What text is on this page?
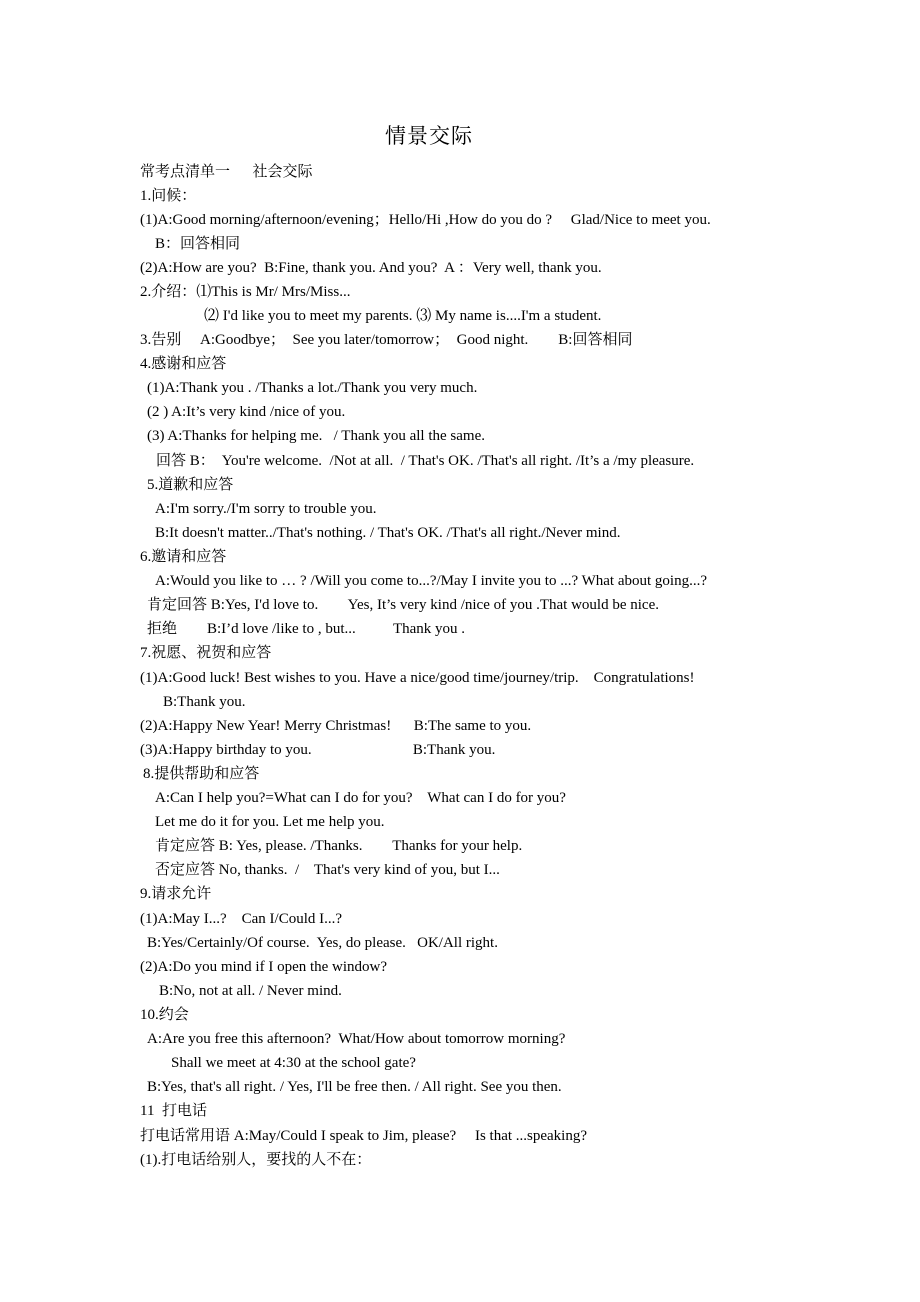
情景交际
常考点清单一      社会交际
1.问候：
(1)A:Good morning/afternoon/evening；Hello/Hi ,How do you do ?     Glad/Nice to meet you.
B：回答相同
(2)A:How are you?  B:Fine, thank you. And you?  A ：Very well, thank you.
2.介绍：⑴This is Mr/ Mrs/Miss...
⑵ I'd like you to meet my parents. ⑶ My name is....I'm a student.
3.告别     A:Goodbye；  See you later/tomorrow；  Good night.        B:回答相同
4.感谢和应答
(1)A:Thank you . /Thanks a lot./Thank you very much.
(2 ) A:It’s very kind /nice of you.
(3) A:Thanks for helping me.   / Thank you all the same.
回答 B：  You're welcome.  /Not at all.  / That's OK. /That's all right. /It’s a /my pleasure.
5.道歉和应答
A:I'm sorry./I'm sorry to trouble you.
B:It doesn't matter../That's nothing. / That's OK. /That's all right./Never mind.
6.邀请和应答
A:Would you like to … ? /Will you come to...?/May I invite you to ...? What about going...?
肯定回答 B:Yes, I'd love to.        Yes, It’s very kind /nice of you .That would be nice.
拒绝        B:I’d love /like to , but...          Thank you .
7.祝愿、祝贺和应答
(1)A:Good luck! Best wishes to you. Have a nice/good time/journey/trip.    Congratulations!
B:Thank you.
(2)A:Happy New Year! Merry Christmas!      B:The same to you.
(3)A:Happy birthday to you.                           B:Thank you.
8.提供帮助和应答
A:Can I help you?=What can I do for you?    What can I do for you?
Let me do it for you. Let me help you.
肯定应答 B: Yes, please. /Thanks.        Thanks for your help.
否定应答 No, thanks.  /    That's very kind of you, but I...
9.请求允许
(1)A:May I...?    Can I/Could I...?
B:Yes/Certainly/Of course.  Yes, do please.   OK/All right.
(2)A:Do you mind if I open the window?
B:No, not at all. / Never mind.
10.约会
A:Are you free this afternoon?  What/How about tomorrow morning?
Shall we meet at 4:30 at the school gate?
B:Yes, that's all right. / Yes, I'll be free then. / All right. See you then.
11  打电话
打电话常用语 A:May/Could I speak to Jim, please?     Is that ...speaking?
(1).打电话给别人，要找的人不在：
